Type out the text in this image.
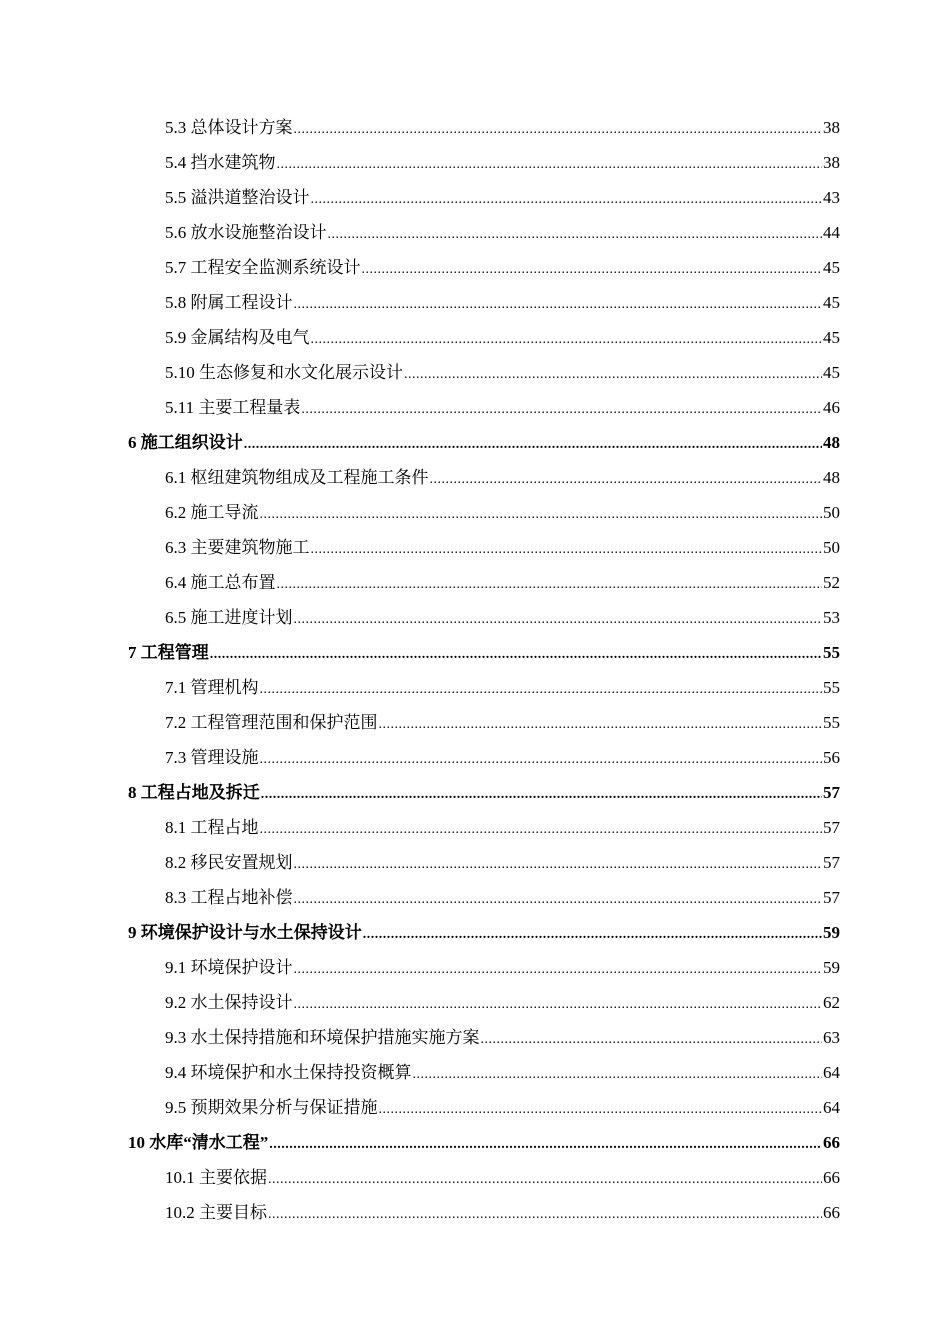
5.3 总体设计方案 .....	38
5.4 挡水建筑物 .....	38
5.5 溢洪道整治设计 .....	43
5.6 放水设施整治设计 .....	44
5.7 工程安全监测系统设计 .....	45
5.8 附属工程设计 .....	45
5.9 金属结构及电气 .....	45
5.10 生态修复和水文化展示设计 .....	45
5.11 主要工程量表 .....	46
6 施工组织设计 .....	48
6.1 枢纽建筑物组成及工程施工条件 .....	48
6.2 施工导流 .....	50
6.3 主要建筑物施工 .....	50
6.4 施工总布置 .....	52
6.5 施工进度计划 .....	53
7 工程管理 .....	55
7.1 管理机构 .....	55
7.2 工程管理范围和保护范围 .....	55
7.3 管理设施 .....	56
8 工程占地及拆迁 .....	57
8.1 工程占地 .....	57
8.2 移民安置规划 .....	57
8.3 工程占地补偿 .....	57
9 环境保护设计与水土保持设计 .....	59
9.1 环境保护设计 .....	59
9.2 水土保持设计 .....	62
9.3 水土保持措施和环境保护措施实施方案 .....	63
9.4 环境保护和水土保持投资概算 .....	64
9.5 预期效果分析与保证措施 .....	64
10 水库“清水工程” .....	66
10.1 主要依据 .....	66
10.2 主要目标 .....	66
